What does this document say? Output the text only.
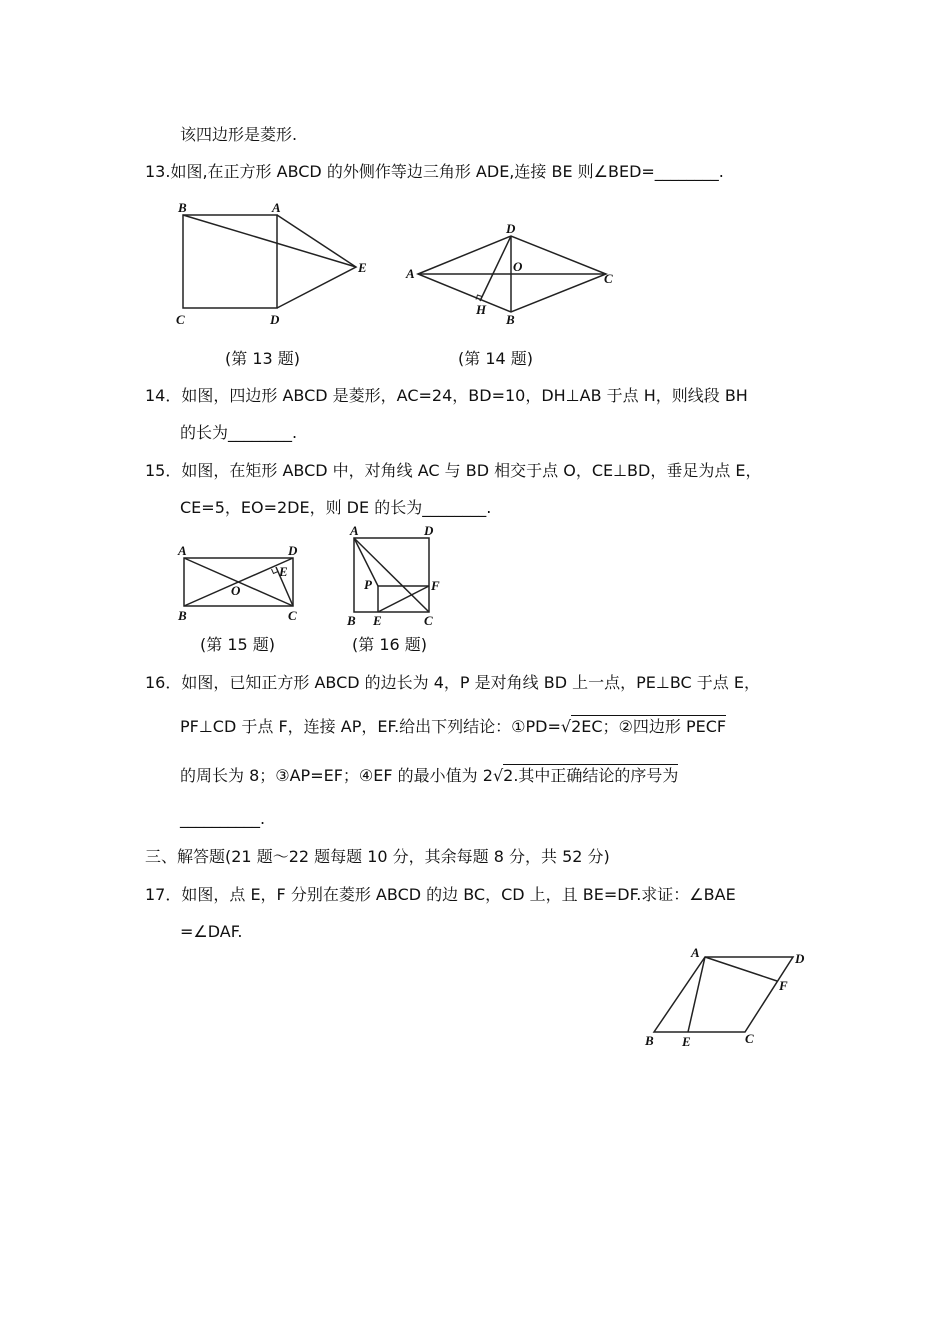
该四边形是菱形.
13.如图,在正方形 ABCD 的外侧作等边三角形 ADE,连接 BE 则∠BED=________.
B	A
E
C	D
A
D
O
C
H
B
(第 13 题)	(第 14 题)
14．如图，四边形 ABCD 是菱形，AC=24，BD=10，DH⊥AB 于点 H，则线段 BH
的长为________.
15．如图，在矩形 ABCD 中，对角线 AC 与 BD 相交于点 O，CE⊥BD，垂足为点 E，
CE=5，EO=2DE，则 DE 的长为________.
A	D
E
O
B	C
A	D
P	F
B E	C
(第 15 题)	(第 16 题)
16．如图，已知正方形 ABCD 的边长为 4，P 是对角线 BD 上一点，PE⊥BC 于点 E，
PF⊥CD 于点 F，连接 AP，EF.给出下列结论：①PD=√2EC；②四边形 PECF
的周长为 8；③AP=EF；④EF 的最小值为 2√2.其中正确结论的序号为
__________.
三、解答题(21 题～22 题每题 10 分，其余每题 8 分，共 52 分)
17．如图，点 E，F 分别在菱形 ABCD 的边 BC，CD 上，且 BE=DF.求证：∠BAE
=∠DAF.
A	D
F
B E	C
